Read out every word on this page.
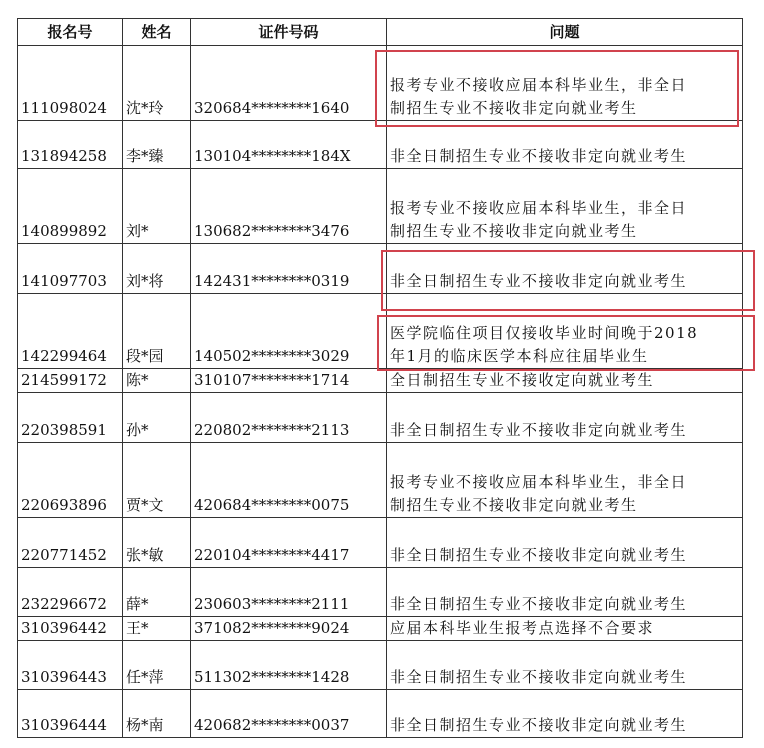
报名号	姓名	证件号码	问题
111098024	沈*玲	320684********1640	报考专业不接收应届本科毕业生，非全日
制招生专业不接收非定向就业考生

131894258	李*臻	130104********184X	非全日制招生专业不接收非定向就业考生

140899892	刘*	130682********3476	报考专业不接收应届本科毕业生，非全日
制招生专业不接收非定向就业考生

141097703	刘*将	142431********0319	非全日制招生专业不接收非定向就业考生

142299464	段*园	140502********3029	医学院临住项目仅接收毕业时间晚于2018
年1月的临床医学本科应往届毕业生

214599172	陈*	310107********1714	全日制招生专业不接收定向就业考生

220398591	孙*	220802********2113	非全日制招生专业不接收非定向就业考生

220693896	贾*文	420684********0075	报考专业不接收应届本科毕业生，非全日
制招生专业不接收非定向就业考生

220771452	张*敏	220104********4417	非全日制招生专业不接收非定向就业考生

232296672	薛*	230603********2111	非全日制招生专业不接收非定向就业考生

310396442	王*	371082********9024	应届本科毕业生报考点选择不合要求

310396443	任*萍	511302********1428	非全日制招生专业不接收非定向就业考生

310396444	杨*南	420682********0037	非全日制招生专业不接收非定向就业考生
